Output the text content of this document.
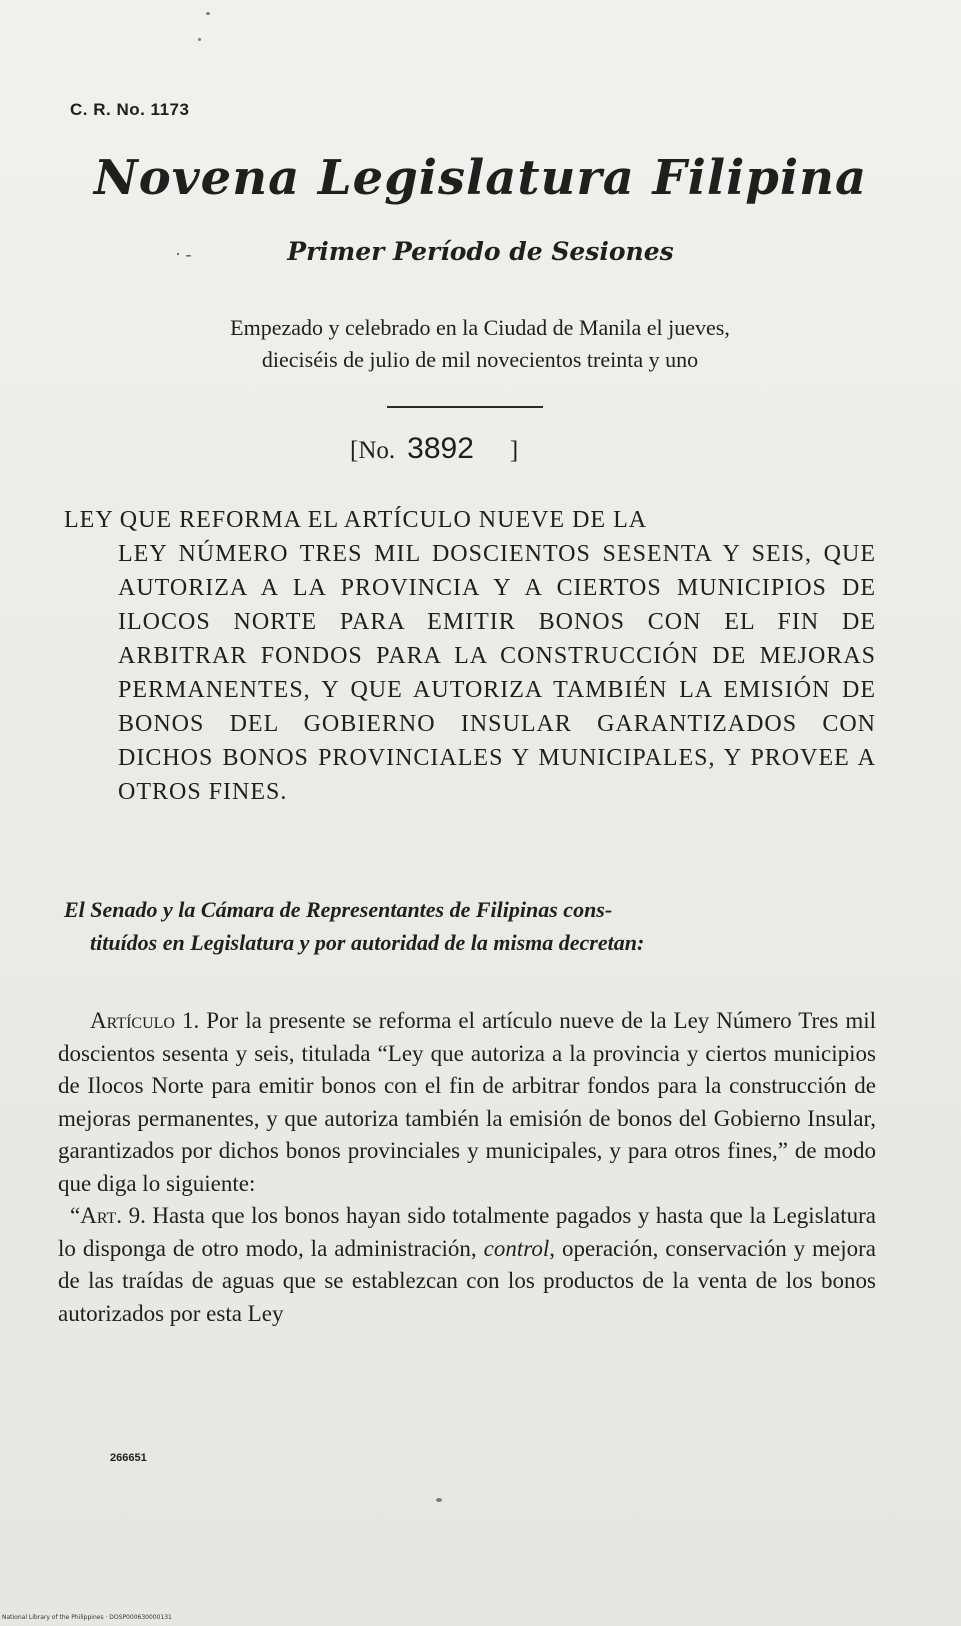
C. R. No. 1173
Novena Legislatura Filipina
· -	Primer Período de Sesiones
Empezado y celebrado en la Ciudad de Manila el jueves,
dieciséis de julio de mil novecientos treinta y uno
[No. 3892 ]
LEY QUE REFORMA EL ARTÍCULO NUEVE DE LA
LEY NÚMERO TRES MIL DOSCIENTOS SESENTA Y SEIS, QUE AUTORIZA A LA PROVINCIA Y A CIERTOS MUNICIPIOS DE ILOCOS NORTE PARA EMITIR BONOS CON EL FIN DE ARBITRAR FONDOS PARA LA CONSTRUCCIÓN DE MEJORAS PERMANENTES, Y QUE AUTORIZA TAMBIÉN LA EMISIÓN DE BONOS DEL GOBIERNO INSULAR GARANTIZADOS CON DICHOS BONOS PROVINCIALES Y MUNICIPALES, Y PROVEE A OTROS FINES.
El Senado y la Cámara de Representantes de Filipinas cons-
tituídos en Legislatura y por autoridad de la misma decretan:

Artículo 1. Por la presente se reforma el artículo nueve de la Ley Número Tres mil doscientos sesenta y seis, titulada “Ley que autoriza a la provincia y ciertos municipios de Ilocos Norte para emitir bonos con el fin de arbitrar fondos para la construcción de mejoras permanentes, y que autoriza también la emisión de bonos del Gobierno Insular, garantizados por dichos bonos provinciales y municipales, y para otros fines,” de modo que diga lo siguiente:

“Art. 9. Hasta que los bonos hayan sido totalmente pagados y hasta que la Legislatura lo disponga de otro modo, la administración, control, operación, conservación y mejora de las traídas de aguas que se establezcan con los productos de la venta de los bonos autorizados por esta Ley

266651
National Library of the Philippines · DOSP000630000131
